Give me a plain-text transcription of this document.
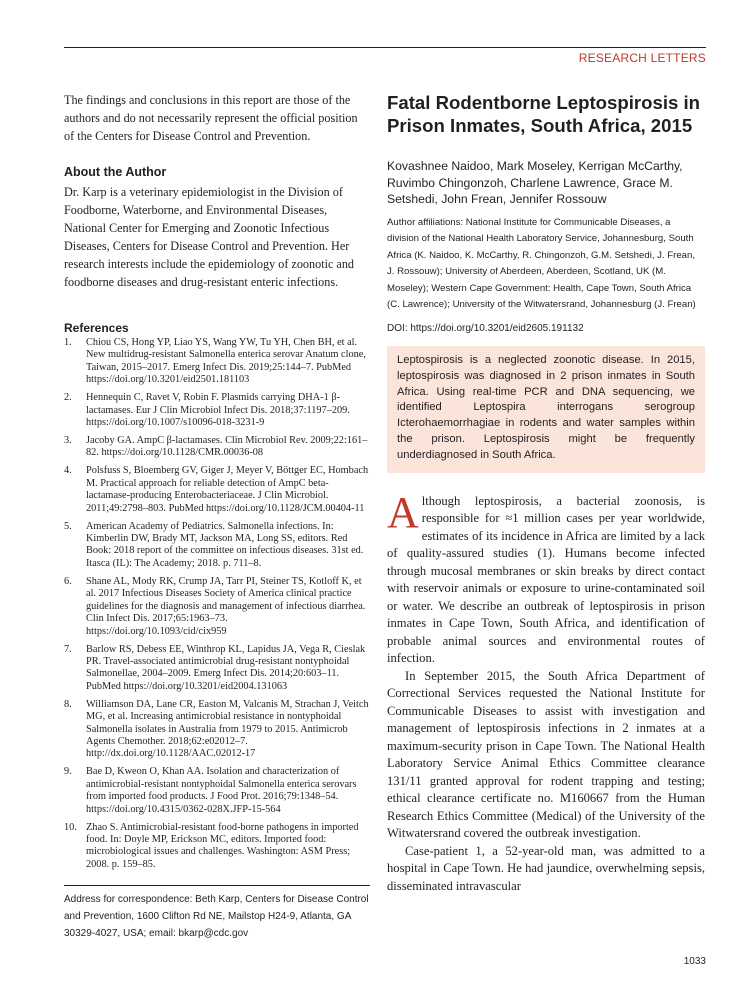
RESEARCH LETTERS

The findings and conclusions in this report are those of the authors and do not necessarily represent the official position of the Centers for Disease Control and Prevention.

About the Author

Dr. Karp is a veterinary epidemiologist in the Division of Foodborne, Waterborne, and Environmental Diseases, National Center for Emerging and Zoonotic Infectious Diseases, Centers for Disease Control and Prevention. Her research interests include the epidemiology of zoonotic and foodborne diseases and drug-resistant enteric infections.

References
1. Chiou CS, Hong YP, Liao YS, Wang YW, Tu YH, Chen BH, et al. New multidrug-resistant Salmonella enterica serovar Anatum clone, Taiwan, 2015–2017. Emerg Infect Dis. 2019;25:144–7. PubMed https://doi.org/10.3201/eid2501.181103
2. Hennequin C, Ravet V, Robin F. Plasmids carrying DHA-1 β-lactamases. Eur J Clin Microbiol Infect Dis. 2018;37:1197–209. https://doi.org/10.1007/s10096-018-3231-9
3. Jacoby GA. AmpC β-lactamases. Clin Microbiol Rev. 2009;22:161–82. https://doi.org/10.1128/CMR.00036-08
4. Polsfuss S, Bloemberg GV, Giger J, Meyer V, Böttger EC, Hombach M. Practical approach for reliable detection of AmpC beta-lactamase-producing Enterobacteriaceae. J Clin Microbiol. 2011;49:2798–803. PubMed https://doi.org/10.1128/JCM.00404-11
5. American Academy of Pediatrics. Salmonella infections. In: Kimberlin DW, Brady MT, Jackson MA, Long SS, editors. Red Book: 2018 report of the committee on infectious diseases. 31st ed. Itasca (IL): The Academy; 2018. p. 711–8.
6. Shane AL, Mody RK, Crump JA, Tarr PI, Steiner TS, Kotloff K, et al. 2017 Infectious Diseases Society of America clinical practice guidelines for the diagnosis and management of infectious diarrhea. Clin Infect Dis. 2017;65:1963–73. https://doi.org/10.1093/cid/cix959
7. Barlow RS, Debess EE, Winthrop KL, Lapidus JA, Vega R, Cieslak PR. Travel-associated antimicrobial drug-resistant nontyphoidal Salmonellae, 2004–2009. Emerg Infect Dis. 2014;20:603–11. PubMed https://doi.org/10.3201/eid2004.131063
8. Williamson DA, Lane CR, Easton M, Valcanis M, Strachan J, Veitch MG, et al. Increasing antimicrobial resistance in nontyphoidal Salmonella isolates in Australia from 1979 to 2015. Antimicrob Agents Chemother. 2018;62:e02012–7. http://dx.doi.org/10.1128/AAC.02012-17
9. Bae D, Kweon O, Khan AA. Isolation and characterization of antimicrobial-resistant nontyphoidal Salmonella enterica serovars from imported food products. J Food Prot. 2016;79:1348–54. https://doi.org/10.4315/0362-028X.JFP-15-564
10. Zhao S. Antimicrobial-resistant food-borne pathogens in imported food. In: Doyle MP, Erickson MC, editors. Imported food: microbiological issues and challenges. Washington: ASM Press; 2008. p. 159–85.
Address for correspondence: Beth Karp, Centers for Disease Control and Prevention, 1600 Clifton Rd NE, Mailstop H24-9, Atlanta, GA 30329-4027, USA; email: bkarp@cdc.gov
Fatal Rodentborne Leptospirosis in Prison Inmates, South Africa, 2015

Kovashnee Naidoo, Mark Moseley, Kerrigan McCarthy, Ruvimbo Chingonzoh, Charlene Lawrence, Grace M. Setshedi, John Frean, Jennifer Rossouw

Author affiliations: National Institute for Communicable Diseases, a division of the National Health Laboratory Service, Johannesburg, South Africa (K. Naidoo, K. McCarthy, R. Chingonzoh, G.M. Setshedi, J. Frean, J. Rossouw); University of Aberdeen, Aberdeen, Scotland, UK (M. Moseley); Western Cape Government: Health, Cape Town, South Africa (C. Lawrence); University of the Witwatersrand, Johannesburg (J. Frean)

DOI: https://doi.org/10.3201/eid2605.191132

Leptospirosis is a neglected zoonotic disease. In 2015, leptospirosis was diagnosed in 2 prison inmates in South Africa. Using real-time PCR and DNA sequencing, we identified Leptospira interrogans serogroup Icterohaemorrhagiae in rodents and water samples within the prison. Leptospirosis might be frequently underdiagnosed in South Africa.

Although leptospirosis, a bacterial zoonosis, is responsible for ≈1 million cases per year worldwide, estimates of its incidence in Africa are limited by a lack of quality-assured studies (1). Humans become infected through mucosal membranes or skin breaks by direct contact with reservoir animals or exposure to urine-contaminated soil or water. We describe an outbreak of leptospirosis in prison inmates in Cape Town, South Africa, and identification of probable animal sources and environmental routes of infection.

In September 2015, the South Africa Department of Correctional Services requested the National Institute for Communicable Diseases to assist with investigation and management of leptospirosis infections in 2 inmates at a maximum-security prison in Cape Town. The National Health Laboratory Service Animal Ethics Committee clearance 131/11 granted approval for rodent trapping and testing; ethical clearance certificate no. M160667 from the Human Research Ethics Committee (Medical) of the University of the Witwatersrand covered the outbreak investigation.

Case-patient 1, a 52-year-old man, was admitted to a hospital in Cape Town. He had jaundice, overwhelming sepsis, disseminated intravascular

1033
